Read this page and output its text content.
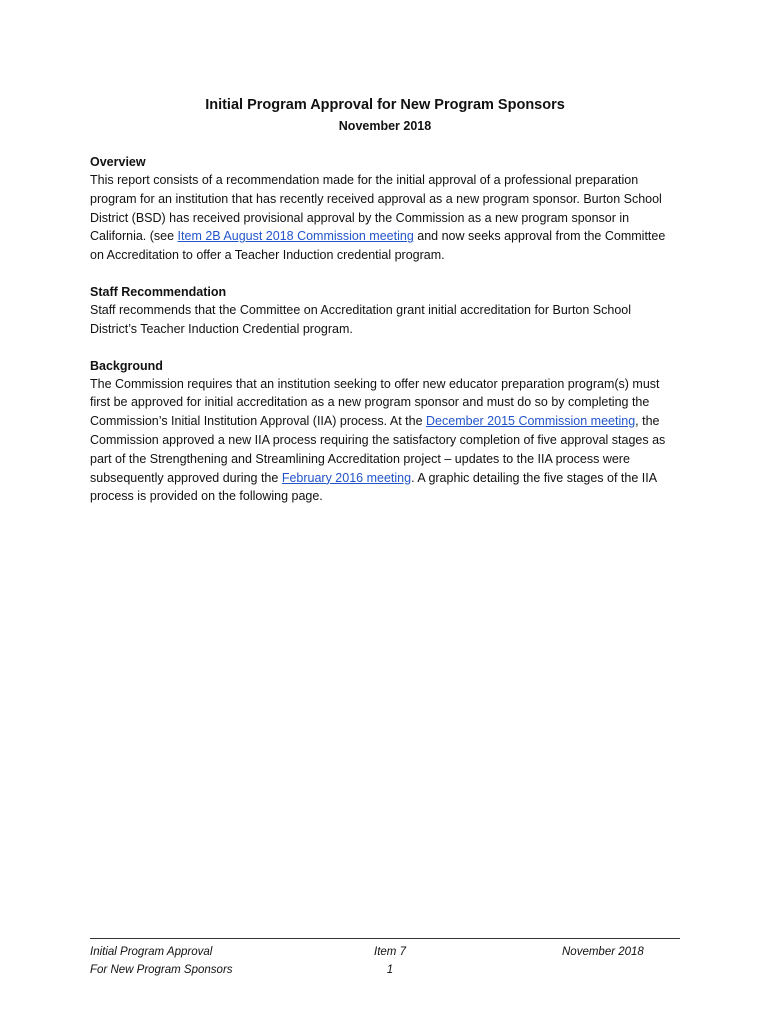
Initial Program Approval for New Program Sponsors
November 2018
Overview

This report consists of a recommendation made for the initial approval of a professional preparation program for an institution that has recently received approval as a new program sponsor. Burton School District (BSD) has received provisional approval by the Commission as a new program sponsor in California. (see Item 2B August 2018 Commission meeting and now seeks approval from the Committee on Accreditation to offer a Teacher Induction credential program.

Staff Recommendation

Staff recommends that the Committee on Accreditation grant initial accreditation for Burton School District’s Teacher Induction Credential program.

Background

The Commission requires that an institution seeking to offer new educator preparation program(s) must first be approved for initial accreditation as a new program sponsor and must do so by completing the Commission’s Initial Institution Approval (IIA) process. At the December 2015 Commission meeting, the Commission approved a new IIA process requiring the satisfactory completion of five approval stages as part of the Strengthening and Streamlining Accreditation project – updates to the IIA process were subsequently approved during the February 2016 meeting. A graphic detailing the five stages of the IIA process is provided on the following page.

Initial Program Approval
For New Program Sponsors
Item 7
1
November 2018
